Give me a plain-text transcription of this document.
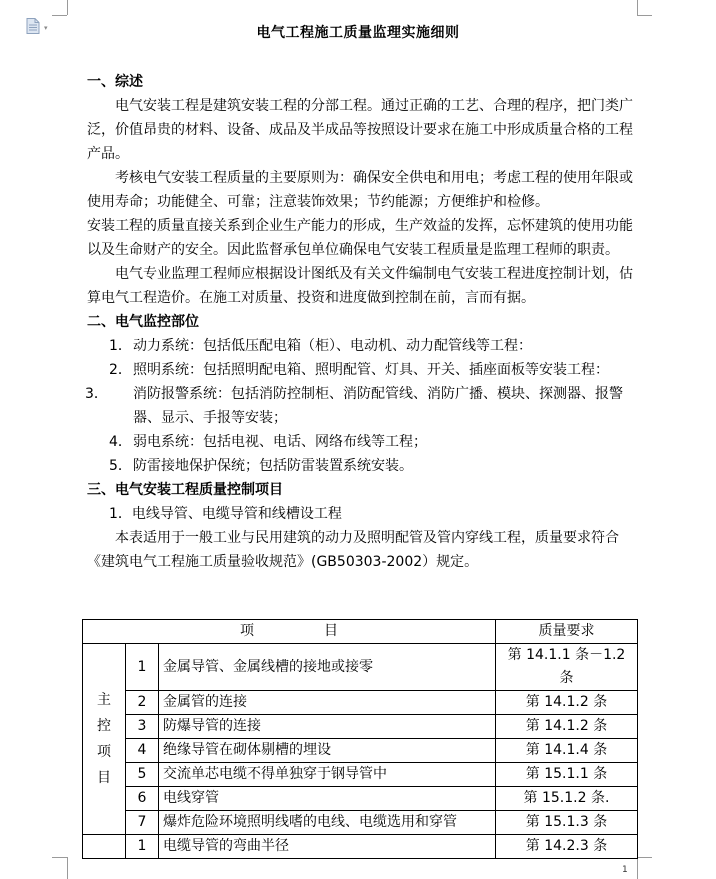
▾	电气工程施工质量监理实施细则
一、综述

电气安装工程是建筑安装工程的分部工程。通过正确的工艺、合理的程序，把门类广泛，价值昂贵的材料、设备、成品及半成品等按照设计要求在施工中形成质量合格的工程产品。

考核电气安装工程质量的主要原则为：确保安全供电和用电；考虑工程的使用年限或使用寿命；功能健全、可靠；注意装饰效果；节约能源；方便维护和检修。

安装工程的质量直接关系到企业生产能力的形成，生产效益的发挥，忘怀建筑的使用功能以及生命财产的安全。因此监督承包单位确保电气安装工程质量是监理工程师的职责。

电气专业监理工程师应根据设计图纸及有关文件编制电气安装工程进度控制计划，估算电气工程造价。在施工对质量、投资和进度做到控制在前，言而有据。

二、电气监控部位
1．动力系统：包括低压配电箱（柜）、电动机、动力配管线等工程：
2．照明系统：包括照明配电箱、照明配管、灯具、开关、插座面板等安装工程：
3． 消防报警系统：包括消防控制柜、消防配管线、消防广播、模块、探测器、报警器、显示、手报等安装；
4．弱电系统：包括电视、电话、网络布线等工程；
5．防雷接地保护保统；包括防雷装置系统安装。
三、电气安装工程质量控制项目

1．电线导管、电缆导管和线槽设工程

本表适用于一般工业与民用建筑的动力及照明配管及管内穿线工程，质量要求符合《建筑电气工程施工质量验收规范》(GB50303-2002）规定。

项　　　　　目			质量要求

主
控
项
目	1	金属导管、金属线槽的接地或接零	第 14.1.1 条－1.2 条
	2	金属管的连接	第 14.1.2 条
	3	防爆导管的连接	第 14.1.2 条
	4	绝缘导管在砌体剔槽的埋设	第 14.1.4 条
	5	交流单芯电缆不得单独穿于钢导管中	第 15.1.1 条
	6	电线穿管	第 15.1.2 条.
	7	爆炸危险环境照明线嗜的电线、电缆选用和穿管	第 15.1.3 条
	1	电缆导管的弯曲半径	第 14.2.3 条
1
